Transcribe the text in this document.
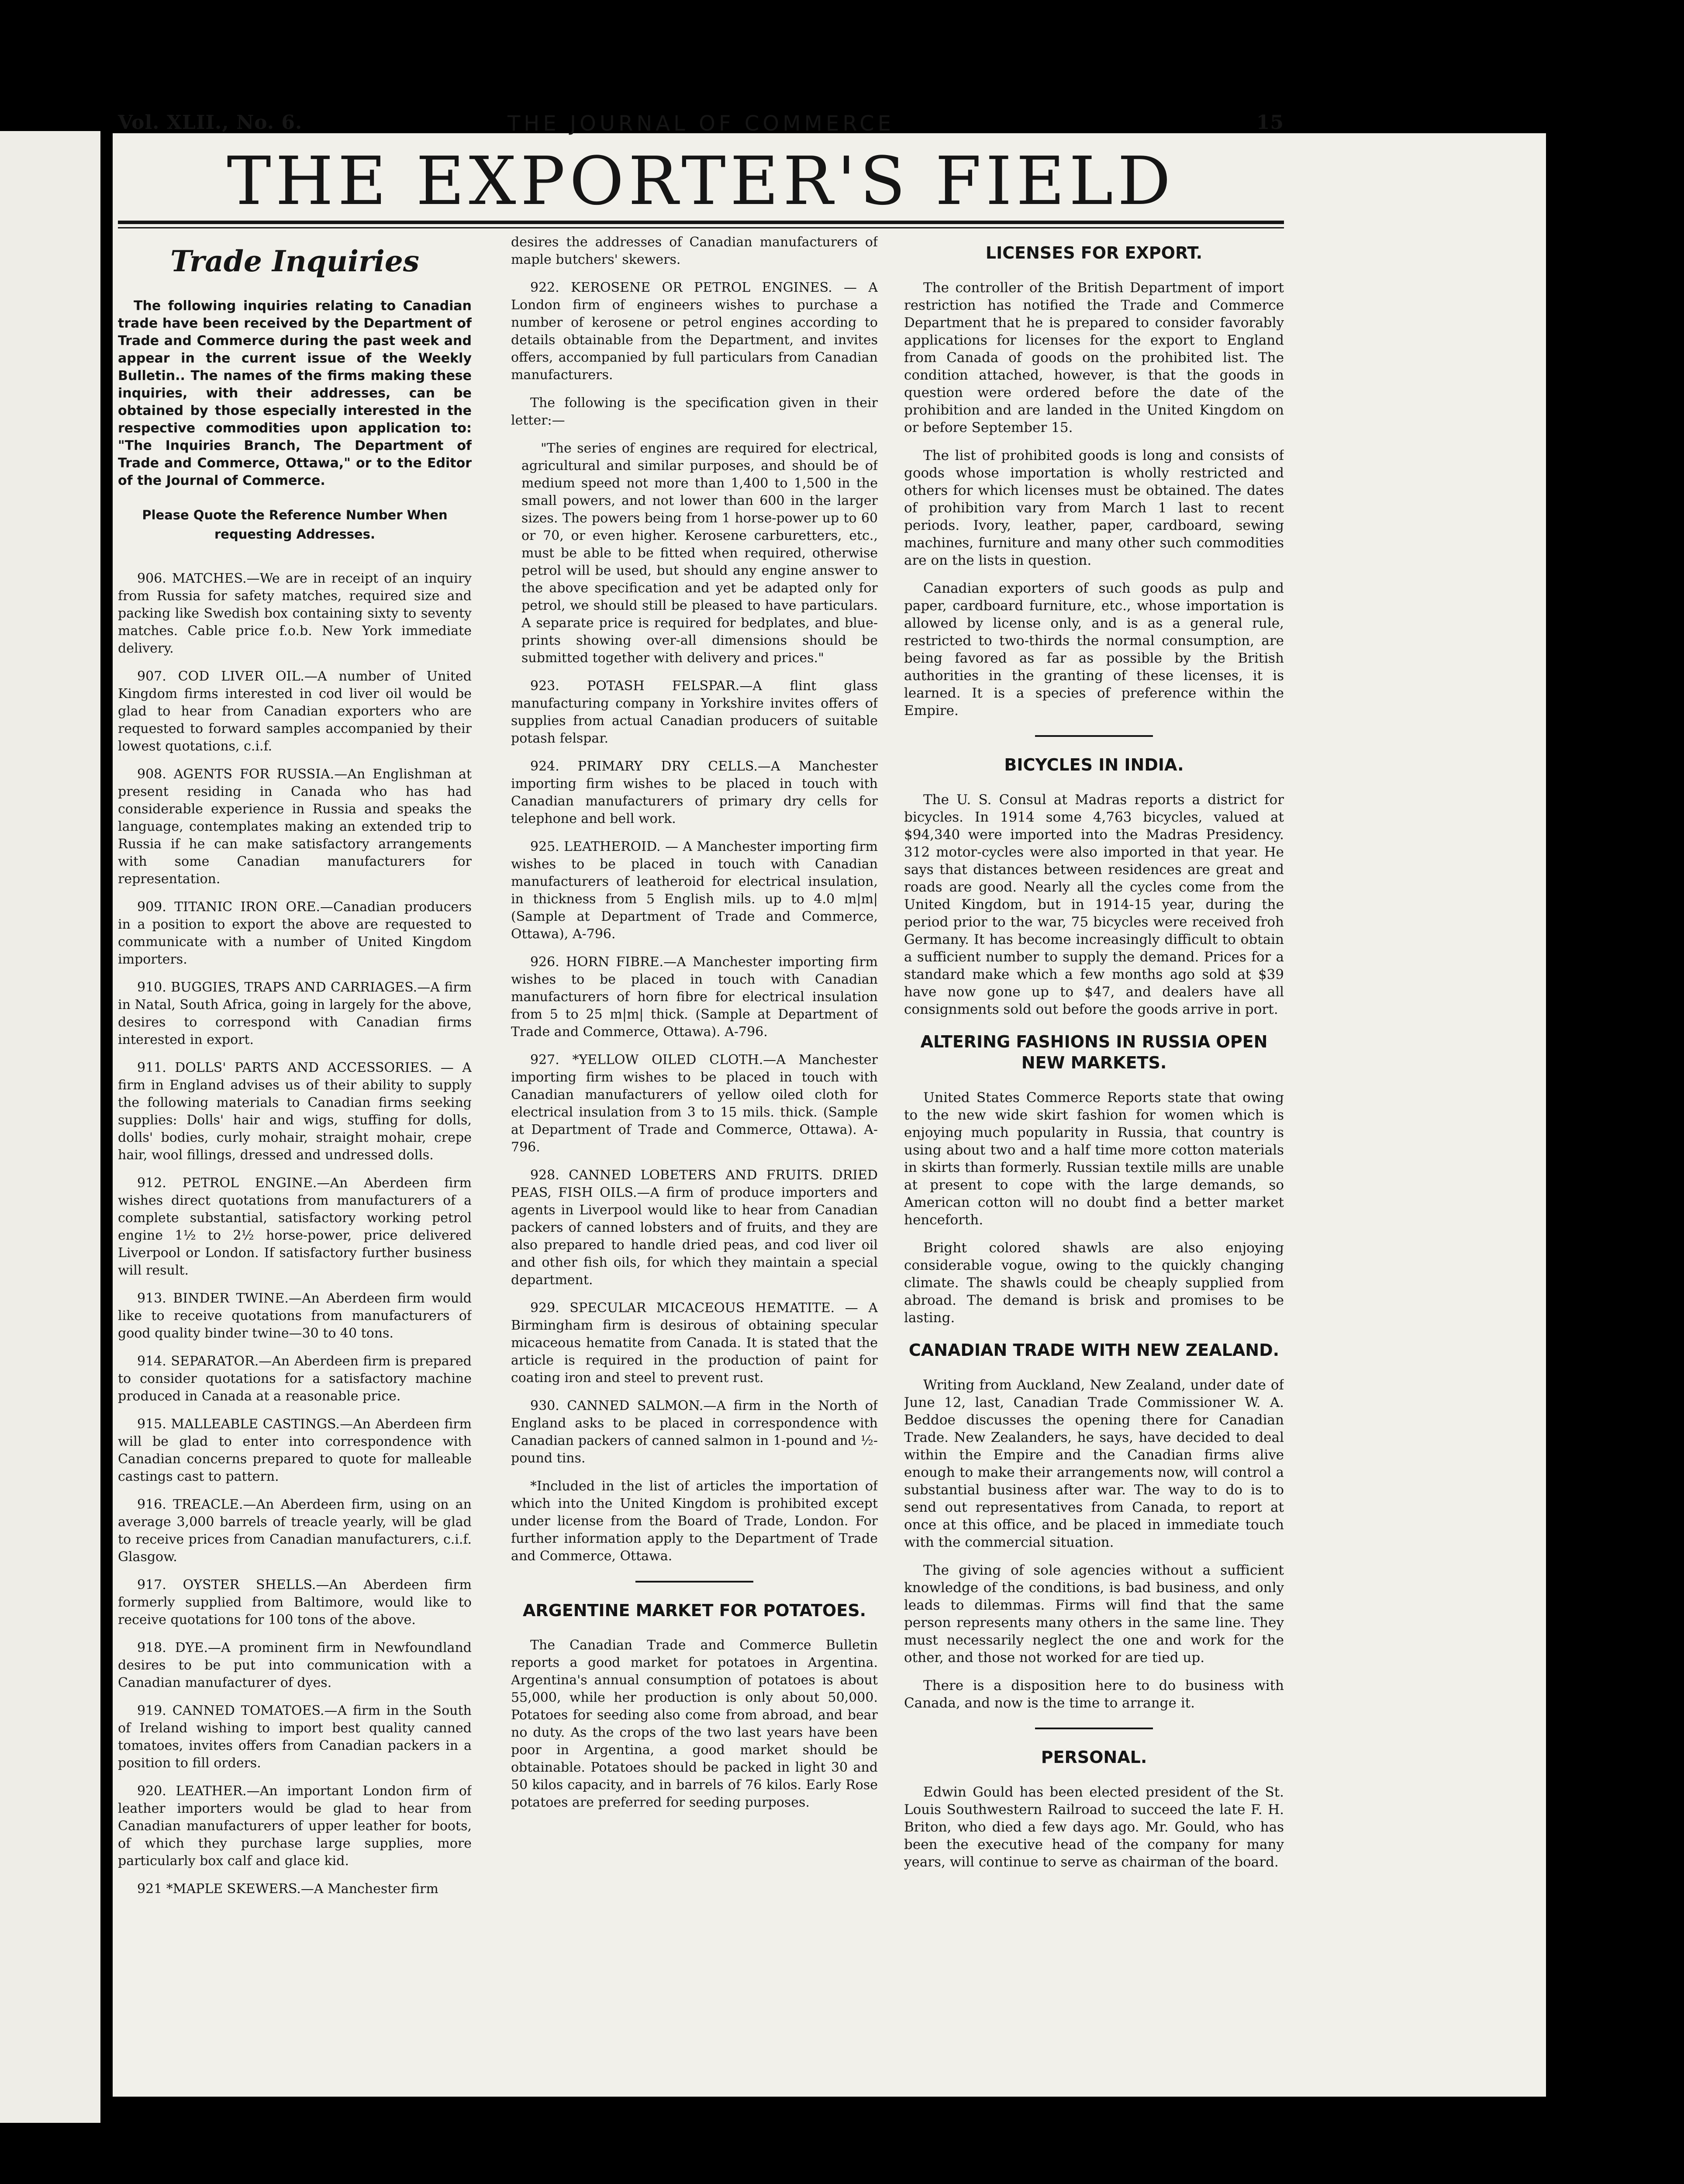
Vol. XLII., No. 6.	THE JOURNAL OF COMMERCE	15
THE EXPORTER'S FIELD
Trade Inquiries

The following inquiries relating to Canadian trade have been received by the Department of Trade and Commerce during the past week and appear in the current issue of the Weekly Bulletin.. The names of the firms making these inquiries, with their addresses, can be obtained by those especially interested in the respective commodities upon application to: "The Inquiries Branch, The Department of Trade and Commerce, Ottawa," or to the Editor of the Journal of Commerce.

Please Quote the Reference Number When requesting Addresses.

906. MATCHES.—We are in receipt of an inquiry from Russia for safety matches, required size and packing like Swedish box containing sixty to seventy matches. Cable price f.o.b. New York immediate delivery.

907. COD LIVER OIL.—A number of United Kingdom firms interested in cod liver oil would be glad to hear from Canadian exporters who are requested to forward samples accompanied by their lowest quotations, c.i.f.

908. AGENTS FOR RUSSIA.—An Englishman at present residing in Canada who has had considerable experience in Russia and speaks the language, contemplates making an extended trip to Russia if he can make satisfactory arrangements with some Canadian manufacturers for representation.

909. TITANIC IRON ORE.—Canadian producers in a position to export the above are requested to communicate with a number of United Kingdom importers.

910. BUGGIES, TRAPS AND CARRIAGES.—A firm in Natal, South Africa, going in largely for the above, desires to correspond with Canadian firms interested in export.

911. DOLLS' PARTS AND ACCESSORIES. — A firm in England advises us of their ability to supply the following materials to Canadian firms seeking supplies: Dolls' hair and wigs, stuffing for dolls, dolls' bodies, curly mohair, straight mohair, crepe hair, wool fillings, dressed and undressed dolls.

912. PETROL ENGINE.—An Aberdeen firm wishes direct quotations from manufacturers of a complete substantial, satisfactory working petrol engine 1½ to 2½ horse-power, price delivered Liverpool or London. If satisfactory further business will result.

913. BINDER TWINE.—An Aberdeen firm would like to receive quotations from manufacturers of good quality binder twine—30 to 40 tons.

914. SEPARATOR.—An Aberdeen firm is prepared to consider quotations for a satisfactory machine produced in Canada at a reasonable price.

915. MALLEABLE CASTINGS.—An Aberdeen firm will be glad to enter into correspondence with Canadian concerns prepared to quote for malleable castings cast to pattern.

916. TREACLE.—An Aberdeen firm, using on an average 3,000 barrels of treacle yearly, will be glad to receive prices from Canadian manufacturers, c.i.f. Glasgow.

917. OYSTER SHELLS.—An Aberdeen firm formerly supplied from Baltimore, would like to receive quotations for 100 tons of the above.

918. DYE.—A prominent firm in Newfoundland desires to be put into communication with a Canadian manufacturer of dyes.

919. CANNED TOMATOES.—A firm in the South of Ireland wishing to import best quality canned tomatoes, invites offers from Canadian packers in a position to fill orders.

920. LEATHER.—An important London firm of leather importers would be glad to hear from Canadian manufacturers of upper leather for boots, of which they purchase large supplies, more particularly box calf and glace kid.

921 *MAPLE SKEWERS.—A Manchester firm

desires the addresses of Canadian manufacturers of maple butchers' skewers.

922. KEROSENE OR PETROL ENGINES. — A London firm of engineers wishes to purchase a number of kerosene or petrol engines according to details obtainable from the Department, and invites offers, accompanied by full particulars from Canadian manufacturers.

The following is the specification given in their letter:—

"The series of engines are required for electrical, agricultural and similar purposes, and should be of medium speed not more than 1,400 to 1,500 in the small powers, and not lower than 600 in the larger sizes. The powers being from 1 horse-power up to 60 or 70, or even higher. Kerosene carburetters, etc., must be able to be fitted when required, otherwise petrol will be used, but should any engine answer to the above specification and yet be adapted only for petrol, we should still be pleased to have particulars. A separate price is required for bedplates, and blue-prints showing over-all dimensions should be submitted together with delivery and prices."

923. POTASH FELSPAR.—A flint glass manufacturing company in Yorkshire invites offers of supplies from actual Canadian producers of suitable potash felspar.

924. PRIMARY DRY CELLS.—A Manchester importing firm wishes to be placed in touch with Canadian manufacturers of primary dry cells for telephone and bell work.

925. LEATHEROID. — A Manchester importing firm wishes to be placed in touch with Canadian manufacturers of leatheroid for electrical insulation, in thickness from 5 English mils. up to 4.0 m|m| (Sample at Department of Trade and Commerce, Ottawa), A-796.

926. HORN FIBRE.—A Manchester importing firm wishes to be placed in touch with Canadian manufacturers of horn fibre for electrical insulation from 5 to 25 m|m| thick. (Sample at Department of Trade and Commerce, Ottawa). A-796.

927. *YELLOW OILED CLOTH.—A Manchester importing firm wishes to be placed in touch with Canadian manufacturers of yellow oiled cloth for electrical insulation from 3 to 15 mils. thick. (Sample at Department of Trade and Commerce, Ottawa). A-796.

928. CANNED LOBETERS AND FRUITS. DRIED PEAS, FISH OILS.—A firm of produce importers and agents in Liverpool would like to hear from Canadian packers of canned lobsters and of fruits, and they are also prepared to handle dried peas, and cod liver oil and other fish oils, for which they maintain a special department.

929. SPECULAR MICACEOUS HEMATITE. — A Birmingham firm is desirous of obtaining specular micaceous hematite from Canada. It is stated that the article is required in the production of paint for coating iron and steel to prevent rust.

930. CANNED SALMON.—A firm in the North of England asks to be placed in correspondence with Canadian packers of canned salmon in 1-pound and ½-pound tins.

*Included in the list of articles the importation of which into the United Kingdom is prohibited except under license from the Board of Trade, London. For further information apply to the Department of Trade and Commerce, Ottawa.

ARGENTINE MARKET FOR POTATOES.

The Canadian Trade and Commerce Bulletin reports a good market for potatoes in Argentina. Argentina's annual consumption of potatoes is about 55,000, while her production is only about 50,000. Potatoes for seeding also come from abroad, and bear no duty. As the crops of the two last years have been poor in Argentina, a good market should be obtainable. Potatoes should be packed in light 30 and 50 kilos capacity, and in barrels of 76 kilos. Early Rose potatoes are preferred for seeding purposes.

LICENSES FOR EXPORT.

The controller of the British Department of import restriction has notified the Trade and Commerce Department that he is prepared to consider favorably applications for licenses for the export to England from Canada of goods on the prohibited list. The condition attached, however, is that the goods in question were ordered before the date of the prohibition and are landed in the United Kingdom on or before September 15.

The list of prohibited goods is long and consists of goods whose importation is wholly restricted and others for which licenses must be obtained. The dates of prohibition vary from March 1 last to recent periods. Ivory, leather, paper, cardboard, sewing machines, furniture and many other such commodities are on the lists in question.

Canadian exporters of such goods as pulp and paper, cardboard furniture, etc., whose importation is allowed by license only, and is as a general rule, restricted to two-thirds the normal consumption, are being favored as far as possible by the British authorities in the granting of these licenses, it is learned. It is a species of preference within the Empire.

BICYCLES IN INDIA.

The U. S. Consul at Madras reports a district for bicycles. In 1914 some 4,763 bicycles, valued at $94,340 were imported into the Madras Presidency. 312 motor-cycles were also imported in that year. He says that distances between residences are great and roads are good. Nearly all the cycles come from the United Kingdom, but in 1914-15 year, during the period prior to the war, 75 bicycles were received froh Germany. It has become increasingly difficult to obtain a sufficient number to supply the demand. Prices for a standard make which a few months ago sold at $39 have now gone up to $47, and dealers have all consignments sold out before the goods arrive in port.

ALTERING FASHIONS IN RUSSIA OPEN NEW MARKETS.

United States Commerce Reports state that owing to the new wide skirt fashion for women which is enjoying much popularity in Russia, that country is using about two and a half time more cotton materials in skirts than formerly. Russian textile mills are unable at present to cope with the large demands, so American cotton will no doubt find a better market henceforth.

Bright colored shawls are also enjoying considerable vogue, owing to the quickly changing climate. The shawls could be cheaply supplied from abroad. The demand is brisk and promises to be lasting.

CANADIAN TRADE WITH NEW ZEALAND.

Writing from Auckland, New Zealand, under date of June 12, last, Canadian Trade Commissioner W. A. Beddoe discusses the opening there for Canadian Trade. New Zealanders, he says, have decided to deal within the Empire and the Canadian firms alive enough to make their arrangements now, will control a substantial business after war. The way to do is to send out representatives from Canada, to report at once at this office, and be placed in immediate touch with the commercial situation.

The giving of sole agencies without a sufficient knowledge of the conditions, is bad business, and only leads to dilemmas. Firms will find that the same person represents many others in the same line. They must necessarily neglect the one and work for the other, and those not worked for are tied up.

There is a disposition here to do business with Canada, and now is the time to arrange it.

PERSONAL.

Edwin Gould has been elected president of the St. Louis Southwestern Railroad to succeed the late F. H. Briton, who died a few days ago. Mr. Gould, who has been the executive head of the company for many years, will continue to serve as chairman of the board.
